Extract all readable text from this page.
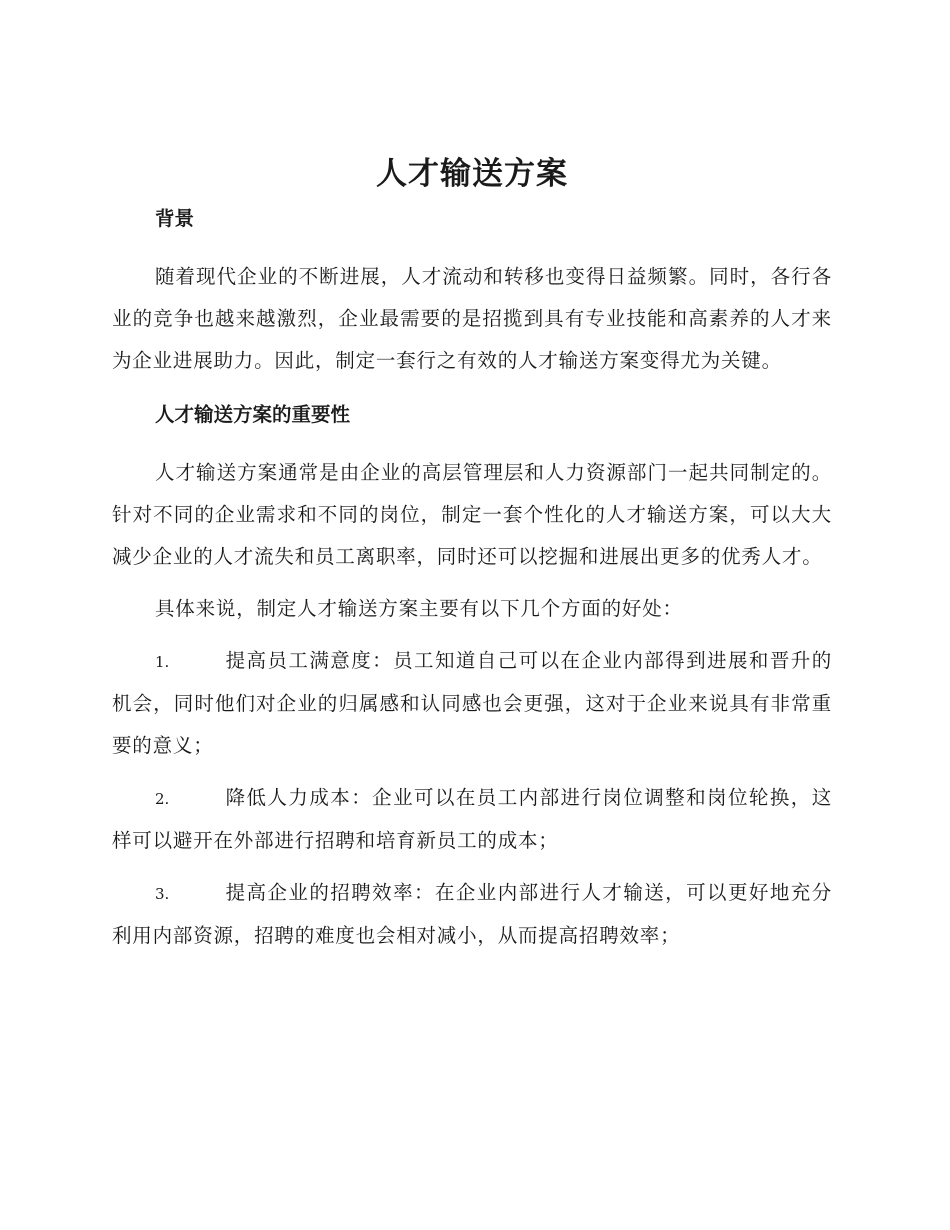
人才输送方案
背景

随着现代企业的不断进展，人才流动和转移也变得日益频繁。同时，各行各业的竞争也越来越激烈，企业最需要的是招揽到具有专业技能和高素养的人才来为企业进展助力。因此，制定一套行之有效的人才输送方案变得尤为关键。

人才输送方案的重要性

人才输送方案通常是由企业的高层管理层和人力资源部门一起共同制定的。针对不同的企业需求和不同的岗位，制定一套个性化的人才输送方案，可以大大减少企业的人才流失和员工离职率，同时还可以挖掘和进展出更多的优秀人才。

具体来说，制定人才输送方案主要有以下几个方面的好处：

1.	提高员工满意度：员工知道自己可以在企业内部得到进展和晋升的机会，同时他们对企业的归属感和认同感也会更强，这对于企业来说具有非常重要的意义；

2.	降低人力成本：企业可以在员工内部进行岗位调整和岗位轮换，这样可以避开在外部进行招聘和培育新员工的成本；

3.	提高企业的招聘效率：在企业内部进行人才输送，可以更好地充分利用内部资源，招聘的难度也会相对减小，从而提高招聘效率；
